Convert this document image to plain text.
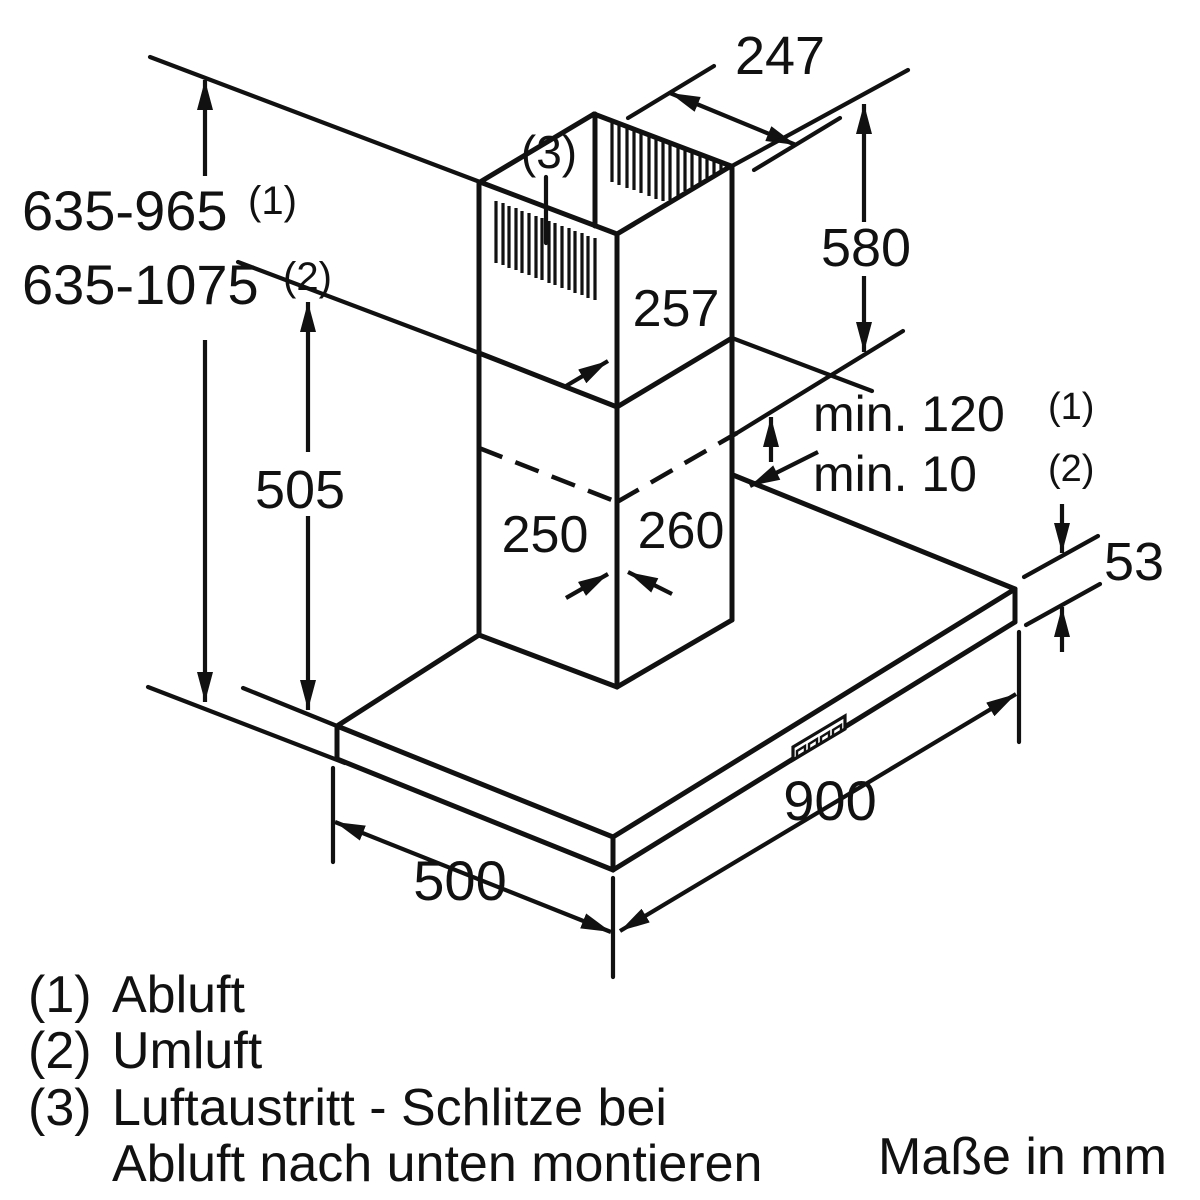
635-965 (1)
635-1075 (2)
505
247
580
257
min. 120 (1)
min. 10 (2)
250 260
53
900
500
(3)
(1) Abluft
(2) Umluft
(3) Luftaustritt - Schlitze bei
Abluft nach unten montieren Maße in mm
